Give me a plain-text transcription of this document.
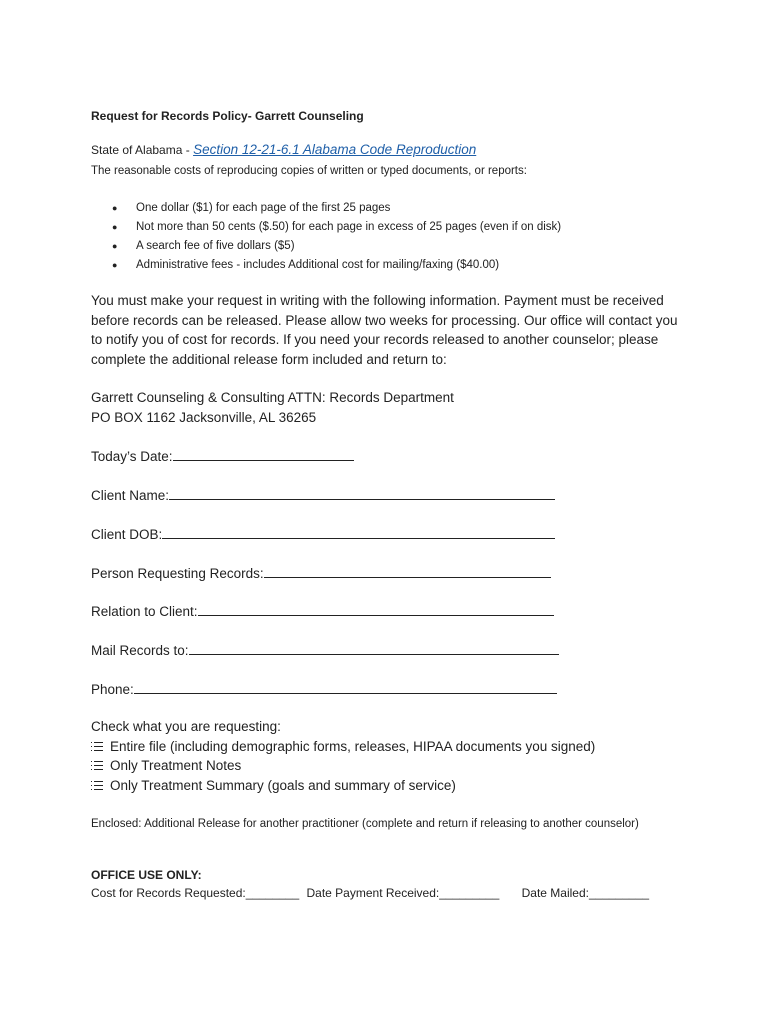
Request for Records Policy- Garrett Counseling
State of Alabama - Section 12-21-6.1 Alabama Code Reproduction
The reasonable costs of reproducing copies of written or typed documents, or reports:
● One dollar ($1) for each page of the first 25 pages
● Not more than 50 cents ($.50) for each page in excess of 25 pages (even if on disk)
● A search fee of five dollars ($5)
● Administrative fees - includes Additional cost for mailing/faxing ($40.00)
You must make your request in writing with the following information. Payment must be received before records can be released. Please allow two weeks for processing. Our office will contact you to notify you of cost for records. If you need your records released to another counselor; please complete the additional release form included and return to:
Garrett Counseling & Consulting ATTN: Records Department
PO BOX 1162 Jacksonville, AL 36265
Today’s Date:
Client Name:
Client DOB:
Person Requesting Records:
Relation to Client:
Mail Records to:
Phone:
Check what you are requesting:
Entire file (including demographic forms, releases, HIPAA documents you signed)
Only Treatment Notes
Only Treatment Summary (goals and summary of service)
Enclosed: Additional Release for another practitioner (complete and return if releasing to another counselor)
OFFICE USE ONLY:
Cost for Records Requested:________ Date Payment Received:_________ Date Mailed:_________
